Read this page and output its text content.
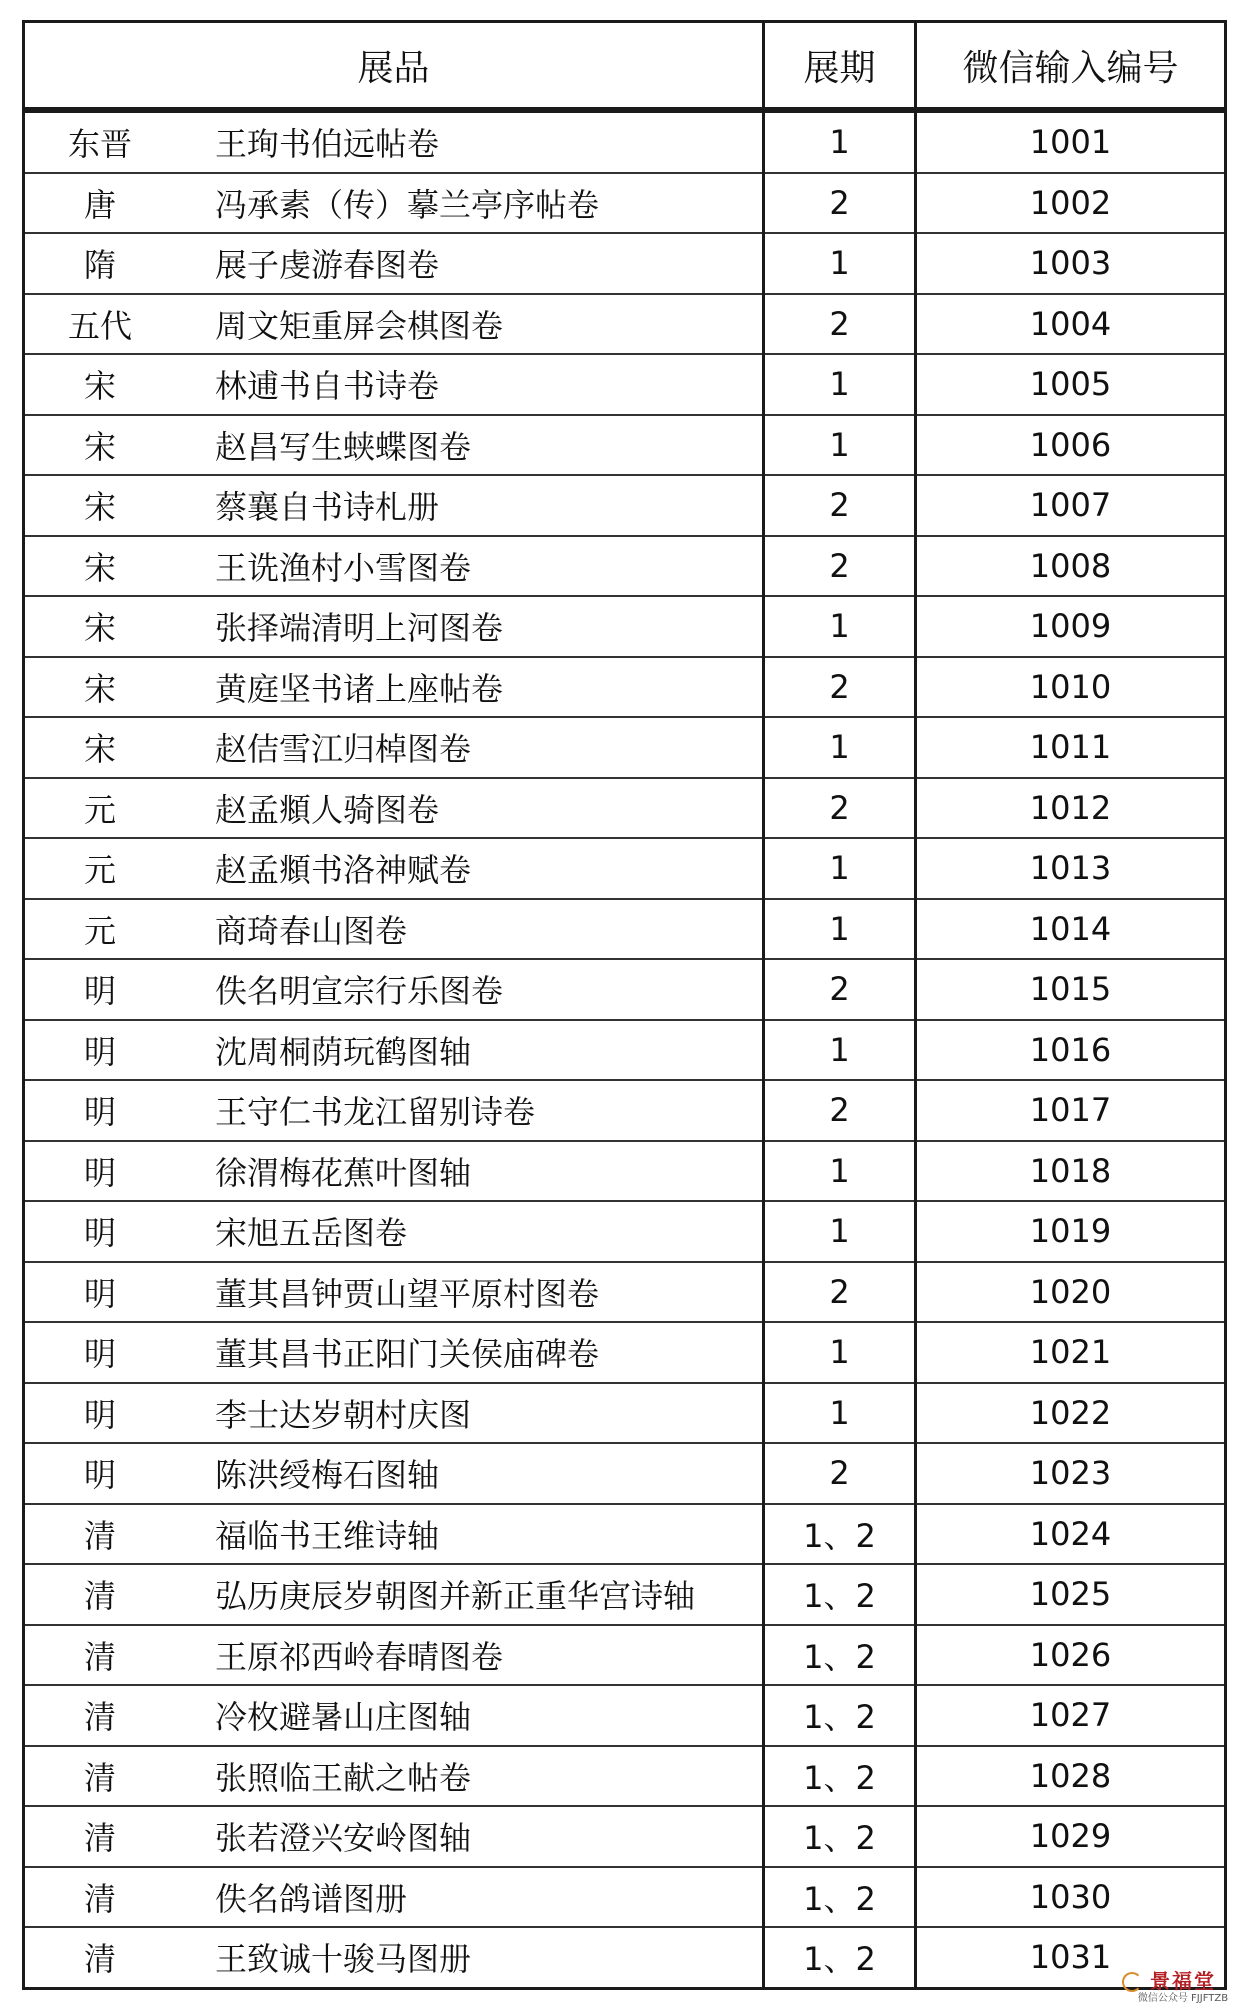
展品	展期	微信输入编号
东晋 王珣书伯远帖卷	1	1001
唐 冯承素（传）摹兰亭序帖卷	2	1002
隋 展子虔游春图卷	1	1003
五代 周文矩重屏会棋图卷	2	1004
宋 林逋书自书诗卷	1	1005
宋 赵昌写生蛱蝶图卷	1	1006
宋 蔡襄自书诗札册	2	1007
宋 王诜渔村小雪图卷	2	1008
宋 张择端清明上河图卷	1	1009
宋 黄庭坚书诸上座帖卷	2	1010
宋 赵佶雪江归棹图卷	1	1011
元 赵孟頫人骑图卷	2	1012
元 赵孟頫书洛神赋卷	1	1013
元 商琦春山图卷	1	1014
明 佚名明宣宗行乐图卷	2	1015
明 沈周桐荫玩鹤图轴	1	1016
明 王守仁书龙江留别诗卷	2	1017
明 徐渭梅花蕉叶图轴	1	1018
明 宋旭五岳图卷	1	1019
明 董其昌钟贾山望平原村图卷	2	1020
明 董其昌书正阳门关侯庙碑卷	1	1021
明 李士达岁朝村庆图	1	1022
明 陈洪绶梅石图轴	2	1023
清 福临书王维诗轴	1、2	1024
清 弘历庚辰岁朝图并新正重华宫诗轴	1、2	1025
清 王原祁西岭春晴图卷	1、2	1026
清 冷枚避暑山庄图轴	1、2	1027
清 张照临王献之帖卷	1、2	1028
清 张若澄兴安岭图轴	1、2	1029
清 佚名鸽谱图册	1、2	1030
清 王致诚十骏马图册	1、2	1031
景福堂
微信公众号 FJJFTZB
